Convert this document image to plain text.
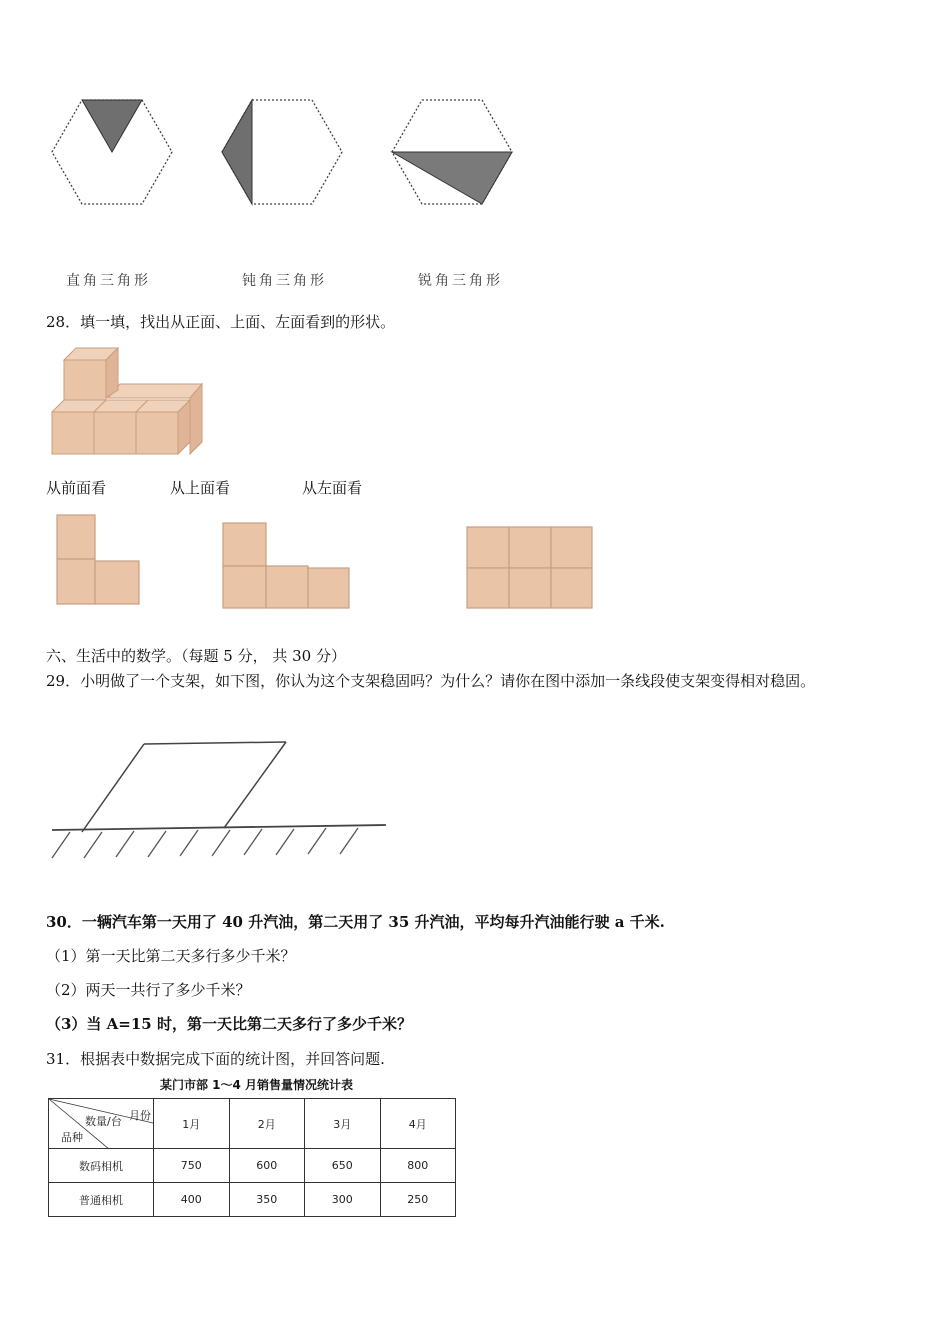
直角三角形	钝角三角形	锐角三角形
28．填一填，找出从正面、上面、左面看到的形状。
从前面看	从上面看	从左面看
六、生活中的数学。（每题 5 分， 共 30 分）
29．小明做了一个支架，如下图，你认为这个支架稳固吗？为什么？请你在图中添加一条线段使支架变得相对稳固。
30．一辆汽车第一天用了 40 升汽油，第二天用了 35 升汽油，平均每升汽油能行驶 a 千米.
（1）第一天比第二天多行多少千米？
（2）两天一共行了多少千米？
（3）当 A=15 时，第一天比第二天多行了多少千米？
31．根据表中数据完成下面的统计图，并回答问题.
某门市部 1～4 月销售量情况统计表
数量/台 月份
品种	1月	2月	3月	4月
数码相机	750	600	650	800
普通相机	400	350	300	250
